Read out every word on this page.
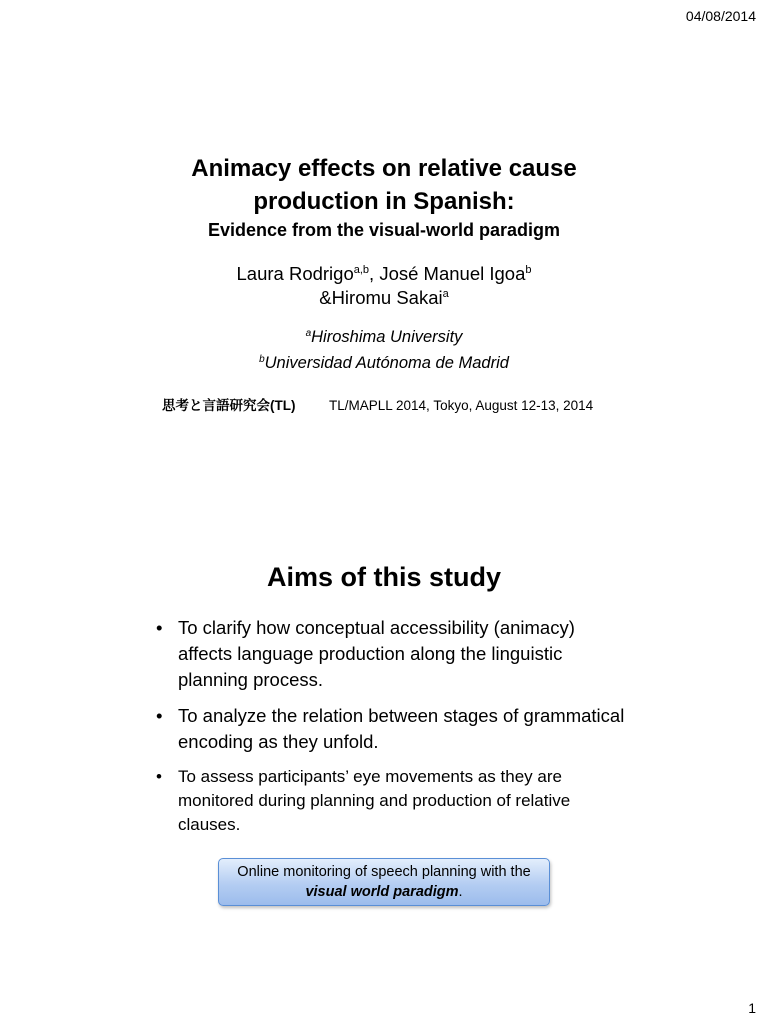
04/08/2014
Animacy effects on relative cause
production in Spanish:
Evidence from the visual-world paradigm
Laura Rodrigo$^{a,b}$, José Manuel Igoa$^b$
&Hiromu Sakai$^a$
$^a$Hiroshima University
$^b$Universidad Autónoma de Madrid
思考と言語研究会(TL) TL/MAPLL 2014, Tokyo, August 12-13, 2014
Aims of this study
• To clarify how conceptual accessibility (animacy) affects language production along the linguistic planning process.
• To analyze the relation between stages of grammatical encoding as they unfold.
• To assess participants’ eye movements as they are monitored during planning and production of relative clauses.
Online monitoring of speech planning with the visual world paradigm.
1
